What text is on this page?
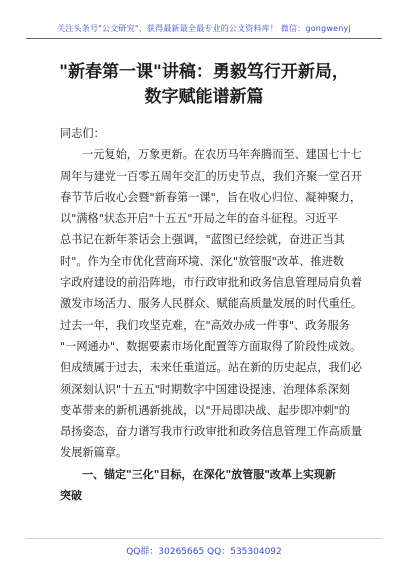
关注头条号"公文研究"，获得最新最全最专业的公文资料库！ 微信：gongwenyj
"新春第一课"讲稿：勇毅笃行开新局，
数字赋能谱新篇
同志们：
一元复始，万象更新。在农历马年奔腾而至、建国七十七
周年与建党一百零五周年交汇的历史节点，我们齐聚一堂召开
春节节后收心会暨"新春第一课"，旨在收心归位、凝神聚力，
以"满格"状态开启"十五五"开局之年的奋斗征程。习近平
总书记在新年茶话会上强调，"蓝图已经绘就，奋进正当其
时"。作为全市优化营商环境、深化"放管服"改革、推进数
字政府建设的前沿阵地，市行政审批和政务信息管理局肩负着
激发市场活力、服务人民群众、赋能高质量发展的时代重任。
过去一年，我们攻坚克难，在"高效办成一件事"、政务服务
"一网通办"、数据要素市场化配置等方面取得了阶段性成效。
但成绩属于过去，未来任重道远。站在新的历史起点，我们必
须深刻认识"十五五"时期数字中国建设提速、治理体系深刻
变革带来的新机遇新挑战，以"开局即决战、起步即冲刺"的
昂扬姿态，奋力谱写我市行政审批和政务信息管理工作高质量
发展新篇章。
一、锚定"三化"目标，在深化"放管服"改革上实现新
突破
QQ群：30265665 QQ：535304092
